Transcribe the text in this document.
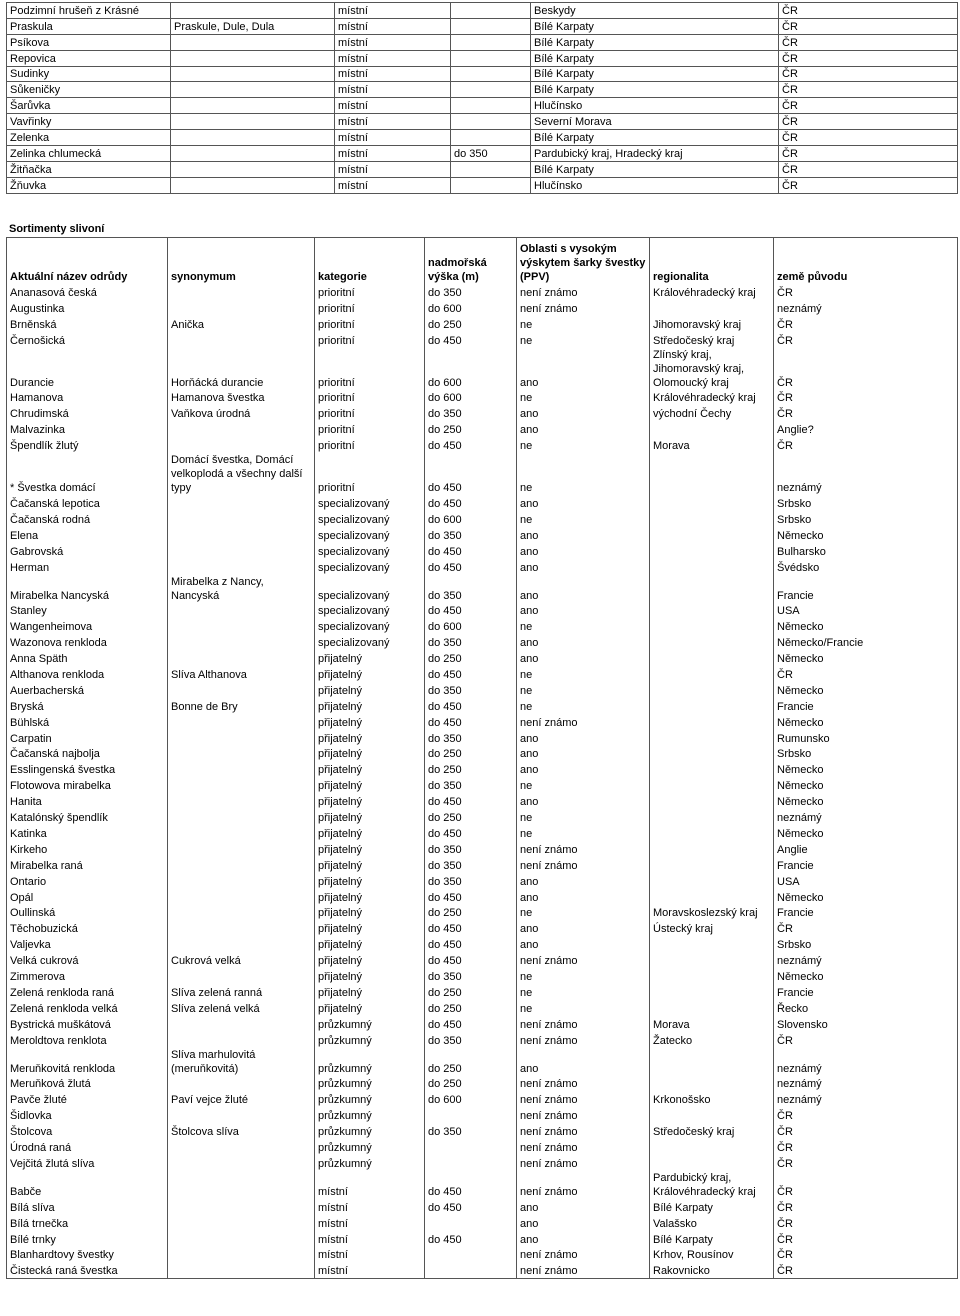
Podzimní hrušeň z Krásné		místní		Beskydy	ČR
Praskula	Praskule, Dule, Dula	místní		Bílé Karpaty	ČR
Psíkova		místní		Bílé Karpaty	ČR
Repovica		místní		Bílé Karpaty	ČR
Sudinky		místní		Bílé Karpaty	ČR
Sůkeničky		místní		Bílé Karpaty	ČR
Šarůvka		místní		Hlučínsko	ČR
Vavřinky		místní		Severní Morava	ČR
Zelenka		místní		Bílé Karpaty	ČR
Zelinka chlumecká		místní	do 350	Pardubický kraj, Hradecký kraj	ČR
Žitňačka		místní		Bílé Karpaty	ČR
Žňuvka		místní		Hlučínsko	ČR
Sortimenty slivoní
Aktuální název odrůdy	synonymum	kategorie	nadmořská výška (m)	Oblasti s vysokým výskytem šarky švestky (PPV)	regionalita	země původu
Ananasová česká		prioritní	do 350	není známo	Královéhradecký kraj	ČR
Augustinka		prioritní	do 600	není známo		neznámý
Brněnská	Anička	prioritní	do 250	ne	Jihomoravský kraj	ČR
Černošická		prioritní	do 450	ne	Středočeský kraj	ČR
Durancie	Horňácká durancie	prioritní	do 600	ano	Zlínský kraj, Jihomoravský kraj, Olomoucký kraj	ČR
Hamanova	Hamanova švestka	prioritní	do 600	ne	Královéhradecký kraj	ČR
Chrudimská	Vaňkova úrodná	prioritní	do 350	ano	východní Čechy	ČR
Malvazinka		prioritní	do 250	ano		Anglie?
Špendlík žlutý		prioritní	do 450	ne	Morava	ČR
* Švestka domácí	Domácí švestka, Domácí velkoplodá a všechny další typy	prioritní	do 450	ne		neznámý
Čačanská lepotica		specializovaný	do 450	ano		Srbsko
Čačanská rodná		specializovaný	do 600	ne		Srbsko
Elena		specializovaný	do 350	ano		Německo
Gabrovská		specializovaný	do 450	ano		Bulharsko
Herman		specializovaný	do 450	ano		Švédsko
Mirabelka Nancyská	Mirabelka z Nancy, Nancyská	specializovaný	do 350	ano		Francie
Stanley		specializovaný	do 450	ano		USA
Wangenheimova		specializovaný	do 600	ne		Německo
Wazonova renkloda		specializovaný	do 350	ano		Německo/Francie
Anna Späth		přijatelný	do 250	ano		Německo
Althanova renkloda	Slíva Althanova	přijatelný	do 450	ne		ČR
Auerbacherská		přijatelný	do 350	ne		Německo
Bryská	Bonne de Bry	přijatelný	do 450	ne		Francie
Bühlská		přijatelný	do 450	není známo		Německo
Carpatin		přijatelný	do 350	ano		Rumunsko
Čačanská najbolja		přijatelný	do 250	ano		Srbsko
Esslingenská švestka		přijatelný	do 250	ano		Německo
Flotowova mirabelka		přijatelný	do 350	ne		Německo
Hanita		přijatelný	do 450	ano		Německo
Katalónský špendlík		přijatelný	do 250	ne		neznámý
Katinka		přijatelný	do 450	ne		Německo
Kirkeho		přijatelný	do 350	není známo		Anglie
Mirabelka raná		přijatelný	do 350	není známo		Francie
Ontario		přijatelný	do 350	ano		USA
Opál		přijatelný	do 450	ano		Německo
Oullinská		přijatelný	do 250	ne	Moravskoslezský kraj	Francie
Těchobuzická		přijatelný	do 450	ano	Ústecký kraj	ČR
Valjevka		přijatelný	do 450	ano		Srbsko
Velká cukrová	Cukrová velká	přijatelný	do 450	není známo		neznámý
Zimmerova		přijatelný	do 350	ne		Německo
Zelená renkloda raná	Slíva zelená ranná	přijatelný	do 250	ne		Francie
Zelená renkloda velká	Slíva zelená velká	přijatelný	do 250	ne		Řecko
Bystrická muškátová		průzkumný	do 450	není známo	Morava	Slovensko
Meroldtova renklota		průzkumný	do 350	není známo	Žatecko	ČR
Meruňkovitá renkloda	Slíva marhulovitá (meruňkovitá)	průzkumný	do 250	ano		neznámý
Meruňková žlutá		průzkumný	do 250	není známo		neznámý
Pavče žluté	Paví vejce žluté	průzkumný	do 600	není známo	Krkonošsko	neznámý
Šidlovka		průzkumný		není známo		ČR
Štolcova	Štolcova slíva	průzkumný	do 350	není známo	Středočeský kraj	ČR
Úrodná raná		průzkumný		není známo		ČR
Vejčitá žlutá slíva		průzkumný		není známo		ČR
Babče		místní	do 450	není známo	Pardubický kraj, Královéhradecký kraj	ČR
Bílá slíva		místní	do 450	ano	Bílé Karpaty	ČR
Bílá trnečka		místní		ano	Valašsko	ČR
Bílé trnky		místní	do 450	ano	Bílé Karpaty	ČR
Blanhardtovy švestky		místní		není známo	Krhov, Rousínov	ČR
Čistecká raná švestka		místní		není známo	Rakovnicko	ČR
